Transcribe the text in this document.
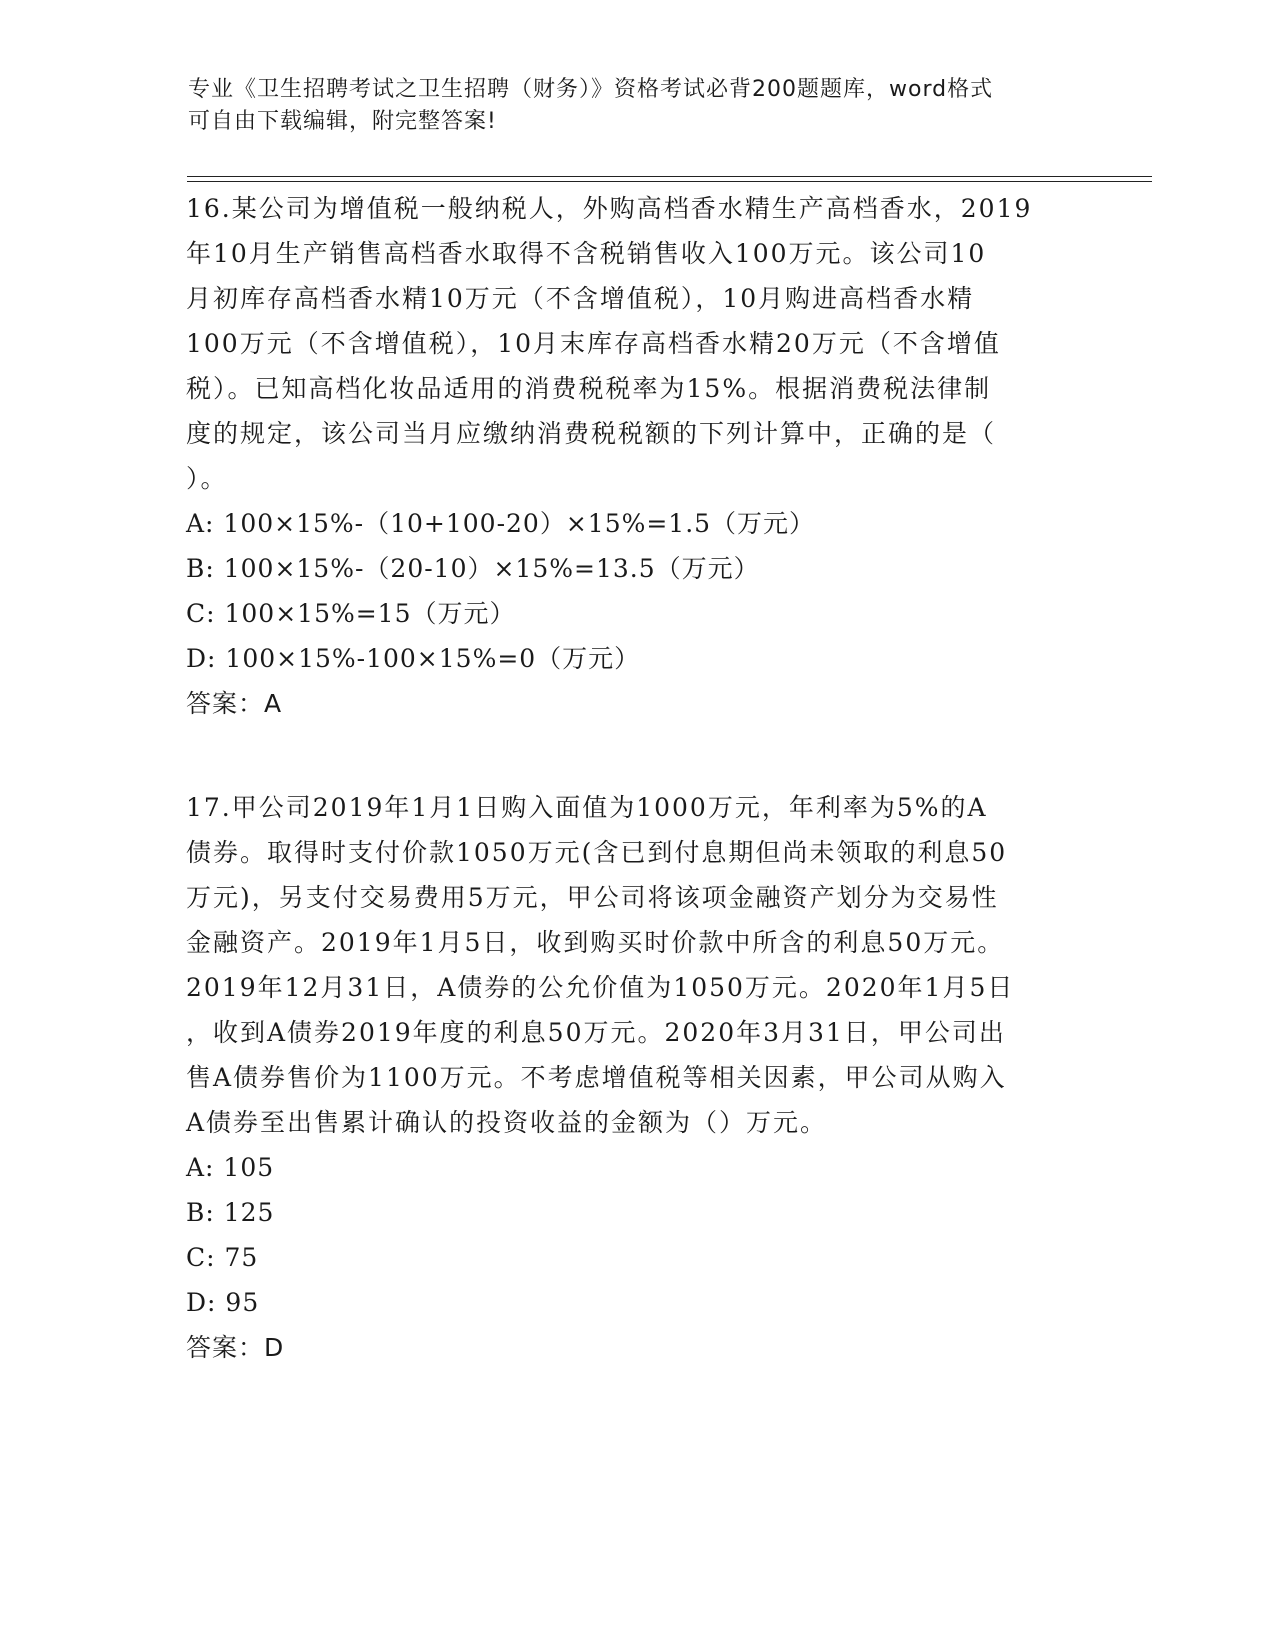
专业《卫生招聘考试之卫生招聘（财务）》资格考试必背200题题库，word格式
可自由下载编辑，附完整答案!
16.某公司为增值税一般纳税人，外购高档香水精生产高档香水，2019
年10月生产销售高档香水取得不含税销售收入100万元。该公司10
月初库存高档香水精10万元（不含增值税），10月购进高档香水精
100万元（不含增值税），10月末库存高档香水精20万元（不含增值
税）。已知高档化妆品适用的消费税税率为15%。根据消费税法律制
度的规定，该公司当月应缴纳消费税税额的下列计算中，正确的是（
）。
A: 100×15%-（10+100-20）×15%=1.5（万元）
B: 100×15%-（20-10）×15%=13.5（万元）
C: 100×15%=15（万元）
D: 100×15%-100×15%=0（万元）
答案：A
17.甲公司2019年1月1日购入面值为1000万元，年利率为5%的A
债券。取得时支付价款1050万元(含已到付息期但尚未领取的利息50
万元)，另支付交易费用5万元，甲公司将该项金融资产划分为交易性
金融资产。2019年1月5日，收到购买时价款中所含的利息50万元。
2019年12月31日，A债券的公允价值为1050万元。2020年1月5日
，收到A债券2019年度的利息50万元。2020年3月31日，甲公司出
售A债券售价为1100万元。不考虑增值税等相关因素，甲公司从购入
A债券至出售累计确认的投资收益的金额为（）万元。
A: 105
B: 125
C: 75
D: 95
答案：D
